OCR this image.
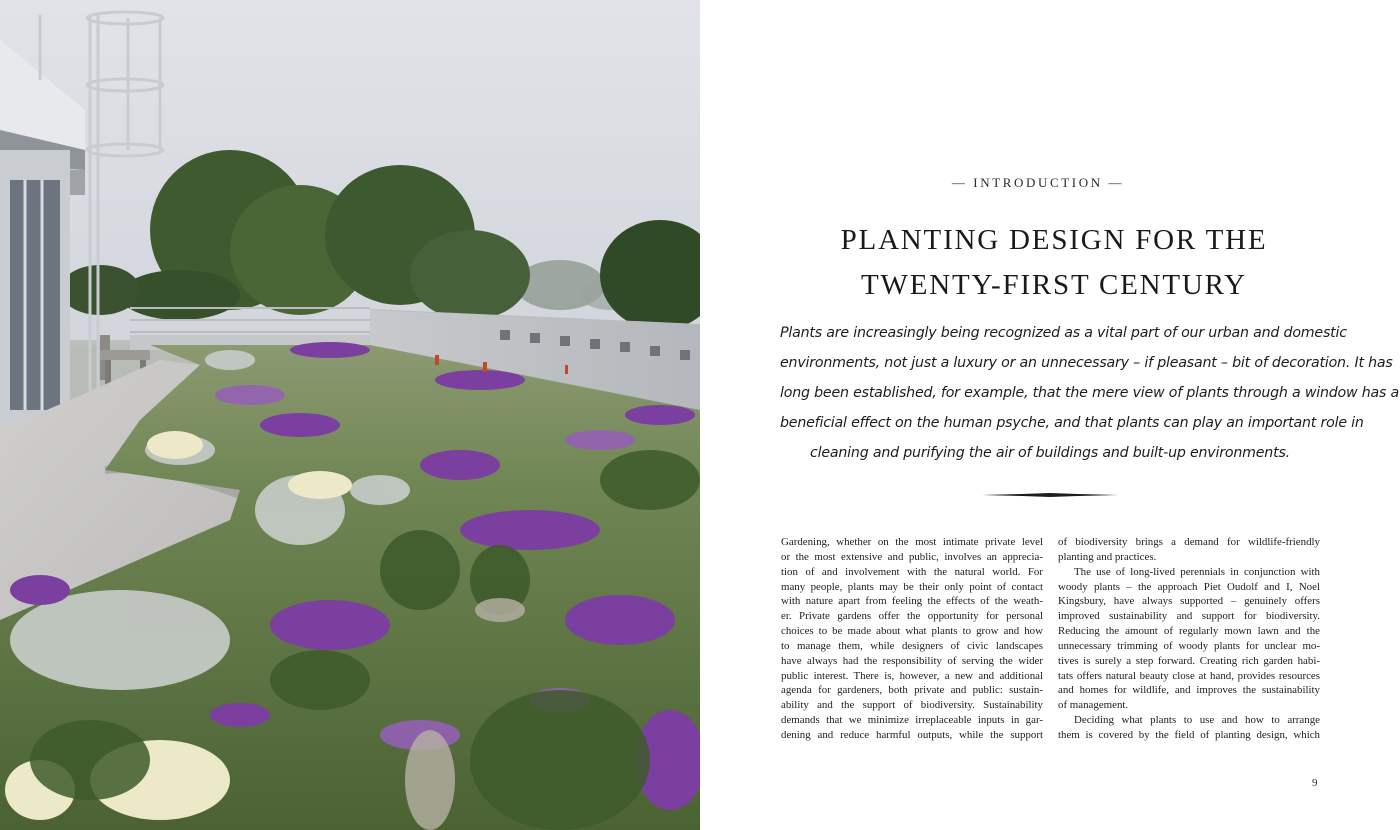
— INTRODUCTION —
PLANTING DESIGN FOR THE
TWENTY-FIRST CENTURY
Plants are increasingly being recognized as a vital part of our urban and domestic
environments, not just a luxury or an unnecessary – if pleasant – bit of decoration. It has
long been established, for example, that the mere view of plants through a window has a
beneficial effect on the human psyche, and that plants can play an important role in
cleaning and purifying the air of buildings and built-up environments.
Gardening, whether on the most intimate private level
or the most extensive and public, involves an apprecia-
tion of and involvement with the natural world. For
many people, plants may be their only point of contact
with nature apart from feeling the effects of the weath-
er. Private gardens offer the opportunity for personal
choices to be made about what plants to grow and how
to manage them, while designers of civic landscapes
have always had the responsibility of serving the wider
public interest. There is, however, a new and additional
agenda for gardeners, both private and public: sustain-
ability and the support of biodiversity. Sustainability
demands that we minimize irreplaceable inputs in gar-
dening and reduce harmful outputs, while the support
of biodiversity brings a demand for wildlife-friendly
planting and practices.
The use of long-lived perennials in conjunction with
woody plants – the approach Piet Oudolf and I, Noel
Kingsbury, have always supported – genuinely offers
improved sustainability and support for biodiversity.
Reducing the amount of regularly mown lawn and the
unnecessary trimming of woody plants for unclear mo-
tives is surely a step forward. Creating rich garden habi-
tats offers natural beauty close at hand, provides resources
and homes for wildlife, and improves the sustainability
of management.
Deciding what plants to use and how to arrange
them is covered by the field of planting design, which
9
